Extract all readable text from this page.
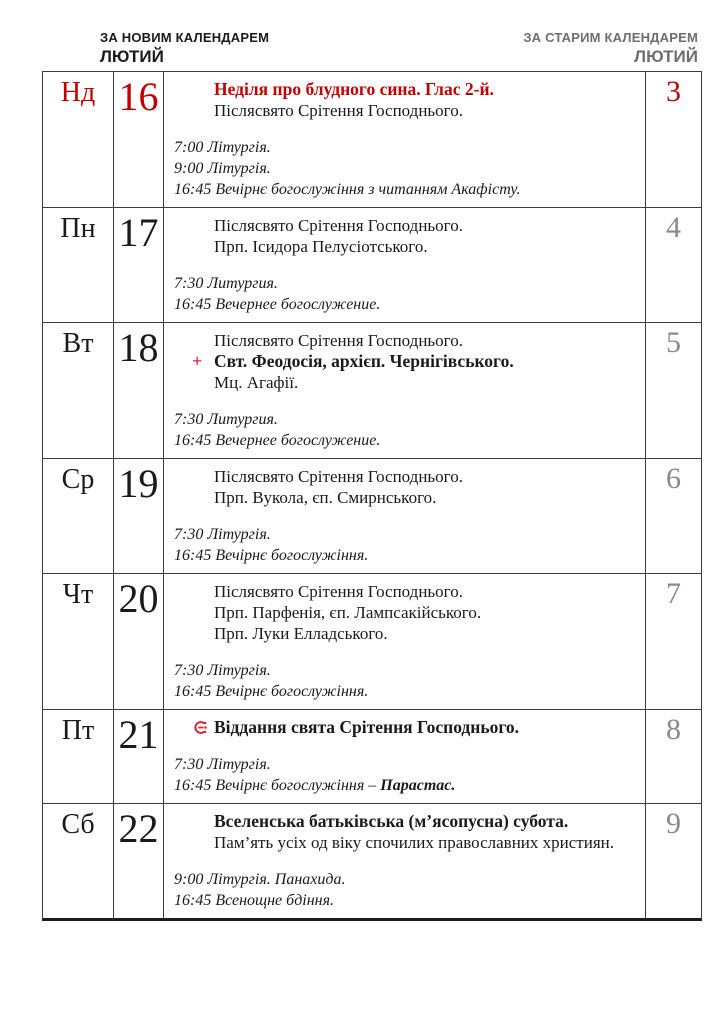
ЗА НОВИМ КАЛЕНДАРЕМ
ЛЮТИЙ
ЗА СТАРИМ КАЛЕНДАРЕМ
ЛЮТИЙ
Нд 16	Неділя про блудного сина. Глас 2-й.
Післясвято Срітення Господнього.
7:00 Літургія.
9:00 Літургія.
16:45 Вечірнє богослужіння з читанням Акафісту.
3
Пн 17	Післясвято Срітення Господнього.
Прп. Ісидора Пелусіотського.
7:30 Литургия.
16:45 Вечернее богослужение.
4
Вт 18	Післясвято Срітення Господнього.
+ Свт. Феодосія, архієп. Чернігівського.
Мц. Агафії.
7:30 Литургия.
16:45 Вечернее богослужение.
5
Ср 19	Післясвято Срітення Господнього.
Прп. Вукола, єп. Смирнського.
7:30 Літургія.
16:45 Вечірнє богослужіння.
6
Чт 20	Післясвято Срітення Господнього.
Прп. Парфенія, єп. Лампсакійського.
Прп. Луки Елладського.
7:30 Літургія.
16:45 Вечірнє богослужіння.
7
Пт 21	Віддання свята Срітення Господнього.
7:30 Літургія.
16:45 Вечірнє богослужіння – Парастас.
8
Сб 22	Вселенська батьківська (м’ясопусна) субота.
Пам’ять усіх од віку спочилих православних християн.
9:00 Літургія. Панахида.
16:45 Всенощне бдіння.
9
